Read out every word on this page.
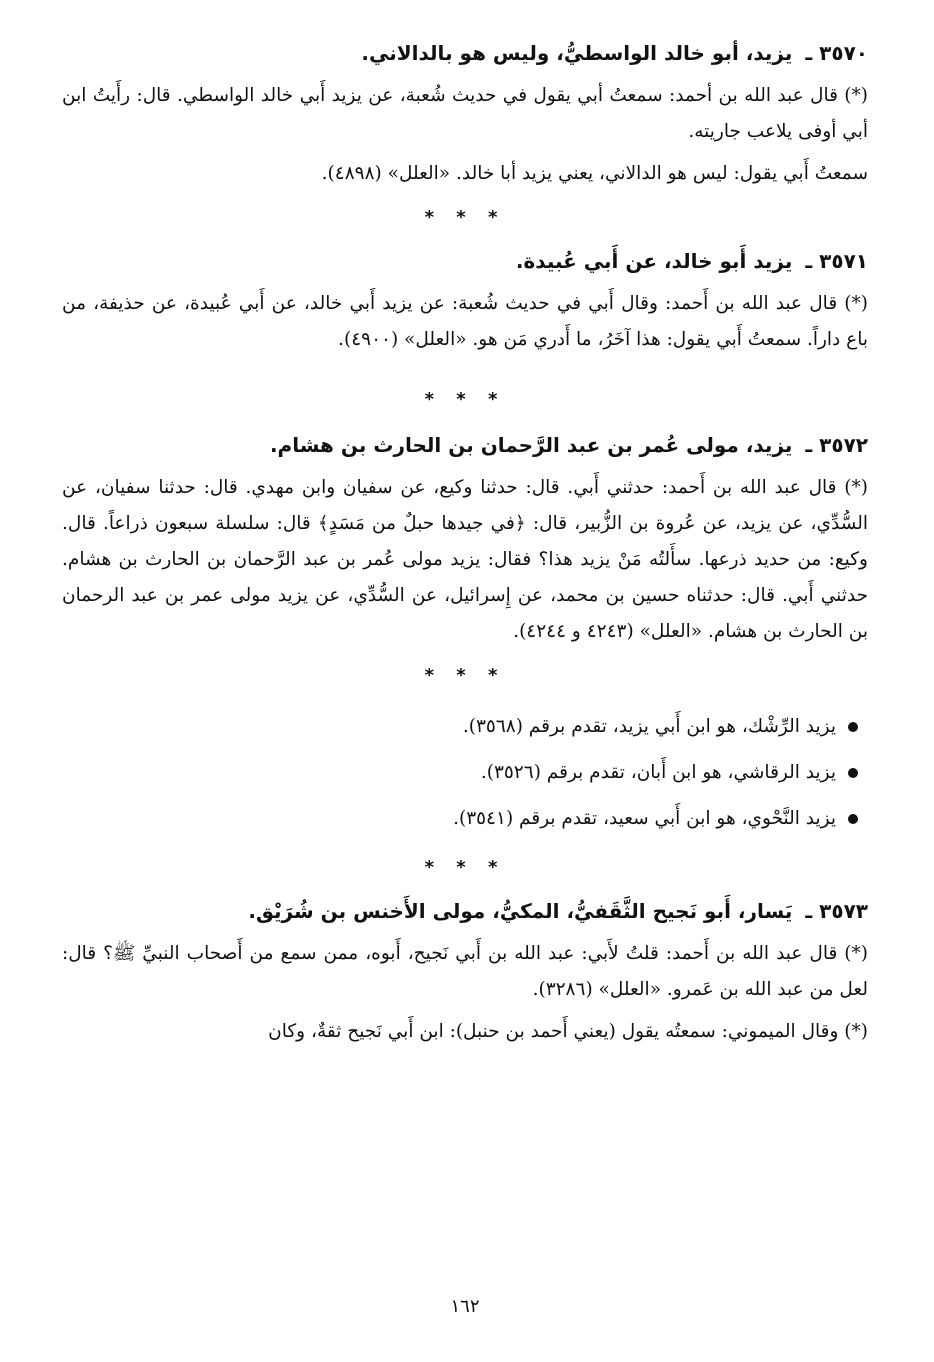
٣٥٧٠ ـ يزيد، أبو خالد الواسطيُّ، وليس هو بالدالاني.

(*) قال عبد الله بن أحمد: سمعتُ أبي يقول في حديث شُعبة، عن يزيد أَبي خالد الواسطي. قال: رأَيتُ ابن أبي أوفى يلاعب جاريته.

سمعتُ أَبي يقول: ليس هو الدالاني، يعني يزيد أبا خالد. «العلل» (٤٨٩٨).

* * *
٣٥٧١ ـ يزيد أَبو خالد، عن أَبي عُبيدة.

(*) قال عبد الله بن أَحمد: وقال أَبي في حديث شُعبة: عن يزيد أَبي خالد، عن أَبي عُبيدة، عن حذيفة، من باع داراً. سمعتُ أَبي يقول: هذا آخَرُ، ما أَدري مَن هو. «العلل» (٤٩٠٠).

* * *
٣٥٧٢ ـ يزيد، مولى عُمر بن عبد الرَّحمان بن الحارث بن هشام.

(*) قال عبد الله بن أَحمد: حدثني أَبي. قال: حدثنا وكيع، عن سفيان وابن مهدي. قال: حدثنا سفيان، عن السُّدِّي، عن يزيد، عن عُروة بن الزُّبير، قال: ﴿في جيدها حبلٌ من مَسَدٍ﴾ قال: سلسلة سبعون ذراعاً. قال. وكيع: من حديد ذرعها. سأَلتُه مَنْ يزيد هذا؟ فقال: يزيد مولى عُمر بن عبد الرَّحمان بن الحارث بن هشام. حدثني أَبي. قال: حدثناه حسين بن محمد، عن إِسرائيل، عن السُّدِّي، عن يزيد مولى عمر بن عبد الرحمان بن الحارث بن هشام. «العلل» (٤٢٤٣ و ٤٢٤٤).

* * *
يزيد الرِّشْك، هو ابن أَبي يزيد، تقدم برقم (٣٥٦٨).
يزيد الرقاشي، هو ابن أَبان، تقدم برقم (٣٥٢٦).
يزيد النَّحْوي، هو ابن أَبي سعيد، تقدم برقم (٣٥٤١).
* * *
٣٥٧٣ ـ يَسار، أَبو نَجيح الثَّقَفيُّ، المكيُّ، مولى الأَخنس بن شُرَيْق.

(*) قال عبد الله بن أَحمد: قلتُ لأَبي: عبد الله بن أَبي نَجيح، أَبوه، ممن سمع من أَصحاب النبيِّ ﷺ؟ قال: لعل من عبد الله بن عَمرو. «العلل» (٣٢٨٦).

(*) وقال الميموني: سمعتُه يقول (يعني أَحمد بن حنبل): ابن أَبي نَجيح ثقةٌ، وكان

١٦٢
